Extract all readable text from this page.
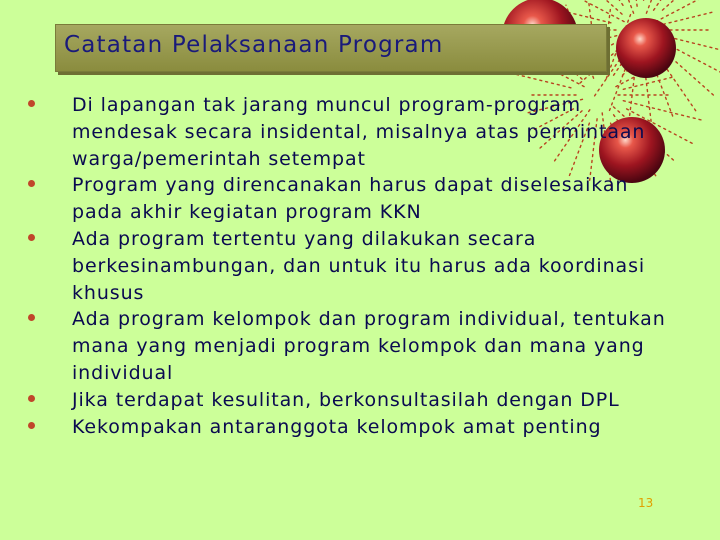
Catatan Pelaksanaan Program
Di lapangan tak jarang muncul program-program mendesak secara insidental, misalnya atas permintaan warga/pemerintah setempat
Program yang direncanakan harus dapat diselesaikan pada akhir kegiatan program KKN
Ada program tertentu yang dilakukan secara berkesinambungan, dan untuk itu harus ada koordinasi khusus
Ada program kelompok dan program individual, tentukan mana yang menjadi program kelompok dan mana yang individual
Jika terdapat kesulitan, berkonsultasilah dengan DPL
Kekompakan antaranggota kelompok amat penting
13
